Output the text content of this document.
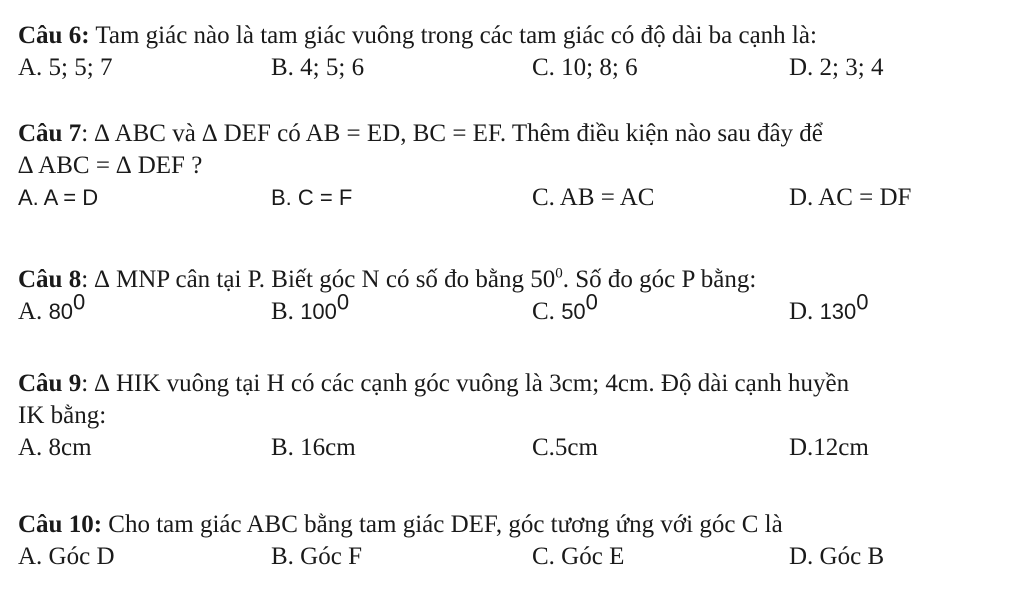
Câu 6: Tam giác nào là tam giác vuông trong các tam giác có độ dài ba cạnh là:
A. 5; 5; 7	B. 4; 5; 6	C. 10; 8; 6	D. 2; 3; 4
Câu 7: ∆ ABC và ∆ DEF có AB = ED, BC = EF. Thêm điều kiện nào sau đây để
∆ ABC = ∆ DEF ?
A. A = D	B. C = F	C. AB = AC	D. AC = DF
Câu 8: ∆ MNP cân tại P. Biết góc N có số đo bằng $50^0$. Số đo góc P bằng:
A. $80^0$	B. $100^0$	C. $50^0$	D. $130^0$
Câu 9: ∆ HIK vuông tại H có các cạnh góc vuông là 3cm; 4cm. Độ dài cạnh huyền
IK bằng:
A. 8cm	B. 16cm	C.5cm	D.12cm
Câu 10: Cho tam giác ABC bằng tam giác DEF, góc tương ứng với góc C là
A. Góc D	B. Góc F	C. Góc E	D. Góc B
